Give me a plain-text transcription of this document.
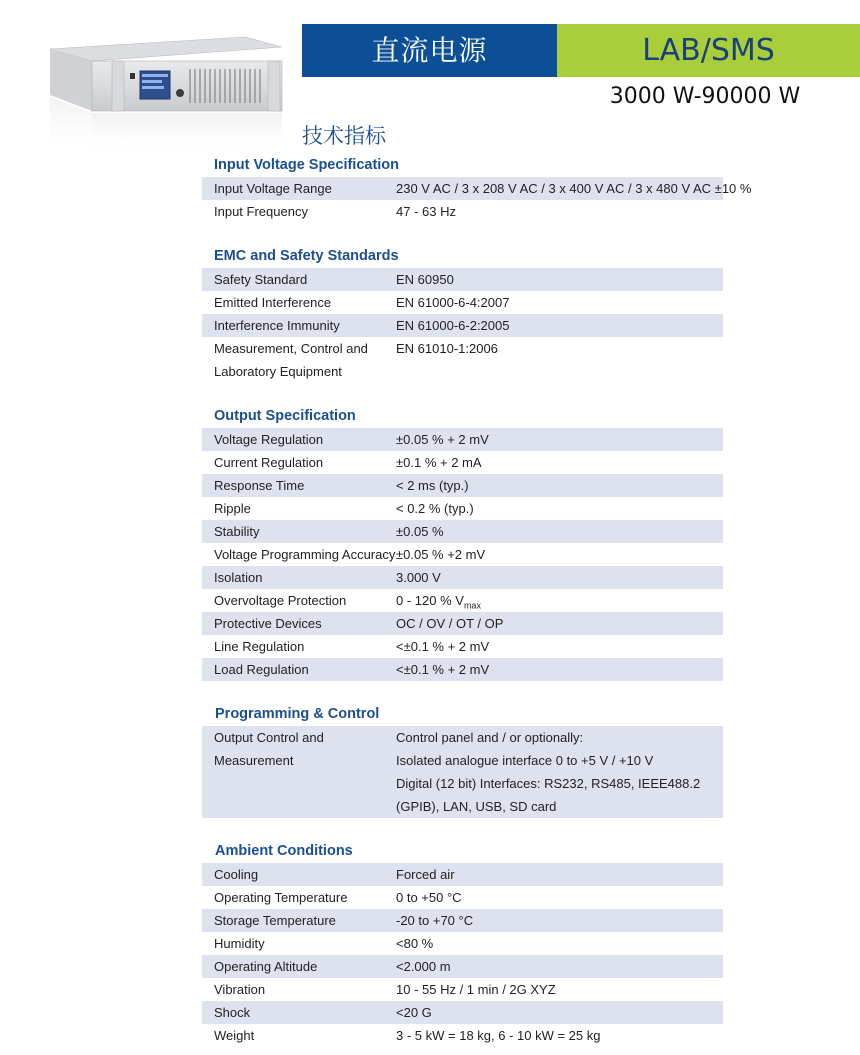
直流电源	LAB/SMS
3000 W-90000 W
技术指标
Input Voltage Specification
Input Voltage Range	230 V AC / 3 x 208 V AC / 3 x 400 V AC / 3 x 480 V AC ±10 %
Input Frequency	47 - 63 Hz
EMC and Safety Standards
Safety Standard	EN 60950
Emitted Interference	EN 61000-6-4:2007
Interference Immunity	EN 61000-6-2:2005
Measurement, Control and
Laboratory Equipment
EN 61010-1:2006
Output Specification
Voltage Regulation	±0.05 % + 2 mV
Current Regulation	±0.1 % + 2 mA
Response Time	< 2 ms (typ.)
Ripple	< 0.2 % (typ.)
Stability	±0.05 %
Voltage Programming Accuracy ±0.05 % +2 mV
Isolation	3.000 V
Overvoltage Protection	0 - 120 % $V_{max}$
Protective Devices	OC / OV / OT / OP
Line Regulation	<±0.1 % + 2 mV
Load Regulation	<±0.1 % + 2 mV
Programming & Control
Output Control and
Measurement
Control panel and / or optionally:
Isolated analogue interface 0 to +5 V / +10 V
Digital (12 bit) Interfaces: RS232, RS485, IEEE488.2
(GPIB), LAN, USB, SD card
Ambient Conditions
Cooling	Forced air
Operating Temperature	0 to +50 °C
Storage Temperature	-20 to +70 °C
Humidity	<80 %
Operating Altitude	<2.000 m
Vibration	10 - 55 Hz / 1 min / 2G XYZ
Shock	<20 G
Weight	3 - 5 kW = 18 kg, 6 - 10 kW = 25 kg
